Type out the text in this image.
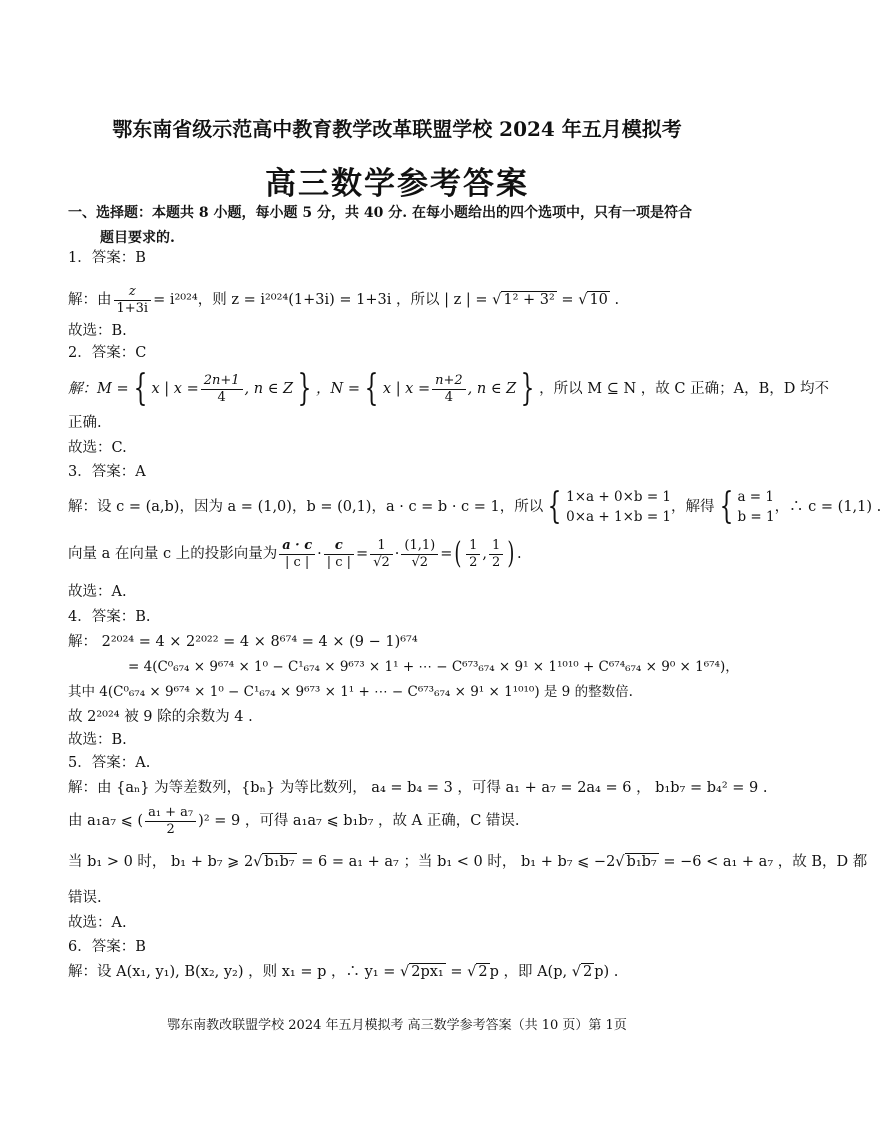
鄂东南省级示范高中教育教学改革联盟学校 2024 年五月模拟考
高三数学参考答案
一、选择题：本题共 8 小题，每小题 5 分，共 40 分. 在每小题给出的四个选项中，只有一项是符合
题目要求的.
1．答案：B
解：由 $\frac{z}{1+3i} = i^{2024}$，则 z = i²⁰²⁴(1+3i) = 1+3i ，所以 | z | = √ 1² + 3² = √ 10 .
故选：B.
2．答案：C
解：M = { x | $x = \frac{2n+1}{4}$ , n ∈ Z } ，N = { x | $x = \frac{n+2}{4}$ , n ∈ Z } ，所以 M ⊆ N ，故 C 正确；A，B，D 均不
正确.
故选：C.
3．答案：A
解：设 c = (a,b)，因为 a = (1,0)，b = (0,1)，a · c = b · c = 1，所以 { 1×a + 0×b = 1
0×a + 1×b = 1
，解得 { a = 1
b = 1
，∴ c = (1,1) .
向量 a 在向量 c 上的投影向量为 $\frac{a \cdot c}{| c |} \cdot \frac{c}{| c |} = \frac{1}{√2} \cdot \frac{(1,1)}{√2}$ =( $\frac{1}{2}$ , $\frac{1}{2}$ ) .
故选：A.
4．答案：B.
解： 2²⁰²⁴ = 4 × 2²⁰²² = 4 × 8⁶⁷⁴ = 4 × (9 − 1)⁶⁷⁴
= 4(C⁰₆₇₄ × 9⁶⁷⁴ × 1⁰ − C¹₆₇₄ × 9⁶⁷³ × 1¹ + ⋯ − C⁶⁷³₆₇₄ × 9¹ × 1¹⁰¹⁰ + C⁶⁷⁴₆₇₄ × 9⁰ × 1⁶⁷⁴)，
其中 4(C⁰₆₇₄ × 9⁶⁷⁴ × 1⁰ − C¹₆₇₄ × 9⁶⁷³ × 1¹ + ⋯ − C⁶⁷³₆₇₄ × 9¹ × 1¹⁰¹⁰) 是 9 的整数倍.
故 2²⁰²⁴ 被 9 除的余数为 4 .
故选：B.
5．答案：A.
解：由 {aₙ} 为等差数列，{bₙ} 为等比数列， a₄ = b₄ = 3 ，可得 a₁ + a₇ = 2a₄ = 6 ， b₁b₇ = b₄² = 9 .
由 a₁a₇ ⩽ ( $\frac{\text{a₁ + a₇}}{2} )^2 = 9$ ，可得 a₁a₇ ⩽ b₁b₇ ，故 A 正确，C 错误.
当 b₁ > 0 时， b₁ + b₇ ⩾ 2√ b₁b₇ = 6 = a₁ + a₇ ；当 b₁ < 0 时， b₁ + b₇ ⩽ −2√ b₁b₇ = −6 < a₁ + a₇ ，故 B，D 都
错误.
故选：A.
6．答案：B
解：设 A(x₁, y₁), B(x₂, y₂) ，则 x₁ = p ，∴ y₁ = √ 2px₁ = √ 2 p ，即 A(p, √ 2 p) .
鄂东南教改联盟学校 2024 年五月模拟考 高三数学参考答案（共 10 页）第 1页
